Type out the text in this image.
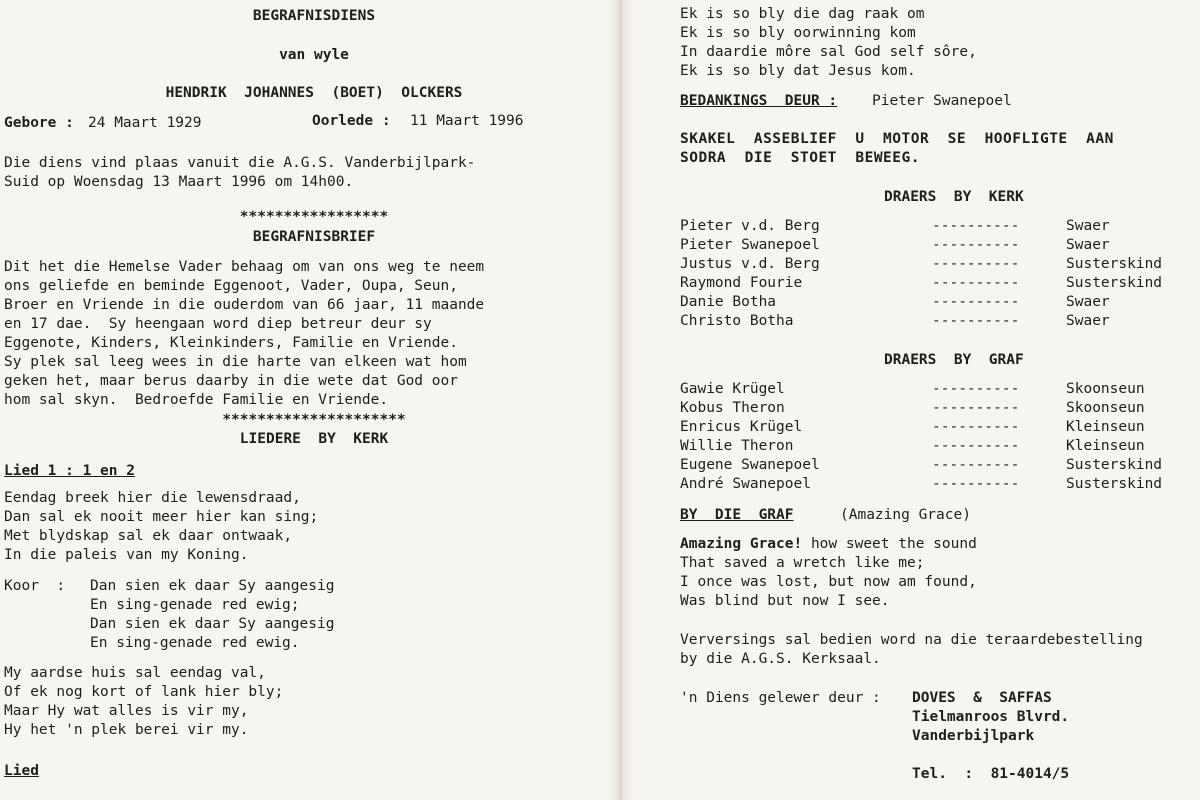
BEGRAFNISDIENS
van wyle
HENDRIK  JOHANNES  (BOET)  OLCKERS
Gebore : 24 Maart 1929	Oorlede : 11 Maart 1996
Die diens vind plaas vanuit die A.G.S. Vanderbijlpark-
Suid op Woensdag 13 Maart 1996 om 14h00.
*****************
BEGRAFNISBRIEF
Dit het die Hemelse Vader behaag om van ons weg te neem
ons geliefde en beminde Eggenoot, Vader, Oupa, Seun,
Broer en Vriende in die ouderdom van 66 jaar, 11 maande
en 17 dae.  Sy heengaan word diep betreur deur sy
Eggenote, Kinders, Kleinkinders, Familie en Vriende.
Sy plek sal leeg wees in die harte van elkeen wat hom
geken het, maar berus daarby in die wete dat God oor
hom sal skyn.  Bedroefde Familie en Vriende.
*********************
LIEDERE  BY  KERK
Lied 1 : 1 en 2
Eendag breek hier die lewensdraad,
Dan sal ek nooit meer hier kan sing;
Met blydskap sal ek daar ontwaak,
In die paleis van my Koning.
Koor  : Dan sien ek daar Sy aangesig
En sing-genade red ewig;
Dan sien ek daar Sy aangesig
En sing-genade red ewig.
My aardse huis sal eendag val,
Of ek nog kort of lank hier bly;
Maar Hy wat alles is vir my,
Hy het 'n plek berei vir my.
Lied
Ek is so bly die dag raak om
Ek is so bly oorwinning kom
In daardie môre sal God self sôre,
Ek is so bly dat Jesus kom.
BEDANKINGS  DEUR : Pieter Swanepoel
SKAKEL  ASSEBLIEF  U  MOTOR  SE  HOOFLIGTE  AAN
SODRA  DIE  STOET  BEWEEG.
DRAERS  BY  KERK
Pieter v.d. Berg	----------	Swaer
Pieter Swanepoel	----------	Swaer
Justus v.d. Berg	----------	Susterskind
Raymond Fourie	----------	Susterskind
Danie Botha	----------	Swaer
Christo Botha	----------	Swaer
DRAERS  BY  GRAF
Gawie Krügel	----------	Skoonseun
Kobus Theron	----------	Skoonseun
Enricus Krügel	----------	Kleinseun
Willie Theron	----------	Kleinseun
Eugene Swanepoel	----------	Susterskind
André Swanepoel	----------	Susterskind
BY  DIE  GRAF	(Amazing Grace)
Amazing Grace! how sweet the sound
That saved a wretch like me;
I once was lost, but now am found,
Was blind but now I see.
Verversings sal bedien word na die teraardebestelling
by die A.G.S. Kerksaal.
'n Diens gelewer deur : DOVES  &  SAFFAS
Tielmanroos Blvrd.
Vanderbijlpark
Tel.  :  81-4014/5
